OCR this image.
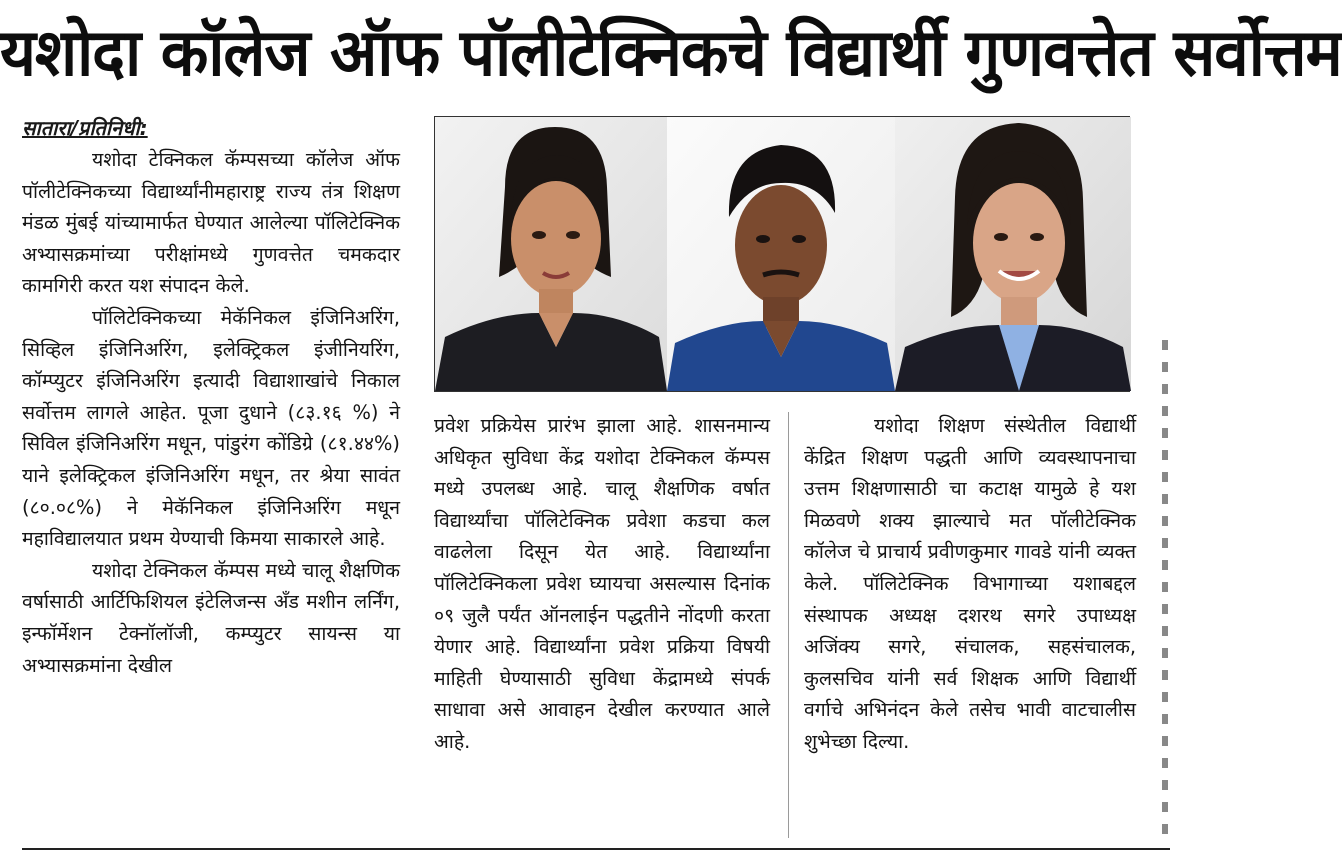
यशोदा कॉलेज ऑफ पॉलीटेक्निकचे विद्यार्थी गुणवत्तेत सर्वोत्तम
सातारा/प्रतिनिधी:

यशोदा टेक्निकल कॅम्पसच्या कॉलेज ऑफ पॉलीटेक्निकच्या विद्यार्थ्यांनीमहाराष्ट्र राज्य तंत्र शिक्षण मंडळ मुंबई यांच्यामार्फत घेण्यात आलेल्या पॉलिटेक्निक अभ्यासक्रमांच्या परीक्षांमध्ये गुणवत्तेत चमकदार कामगिरी करत यश संपादन केले.

पॉलिटेक्निकच्या मेकॅनिकल इंजिनिअरिंग, सिव्हिल इंजिनिअरिंग, इलेक्ट्रिकल इंजीनियरिंग, कॉम्प्युटर इंजिनिअरिंग इत्यादी विद्याशाखांचे निकाल सर्वोत्तम लागले आहेत. पूजा दुधाने (८३.१६ %) ने सिविल इंजिनिअरिंग मधून, पांडुरंग कोंडिग्रे (८१.४४%) याने इलेक्ट्रिकल इंजिनिअरिंग मधून, तर श्रेया सावंत (८०.०८%) ने मेकॅनिकल इंजिनिअरिंग मधून महाविद्यालयात प्रथम येण्याची किमया साकारले आहे.

यशोदा टेक्निकल कॅम्पस मध्ये चालू शैक्षणिक वर्षासाठी आर्टिफिशियल इंटेलिजन्स अँड मशीन लर्निंग, इन्फॉर्मेशन टेक्नॉलॉजी, कम्प्युटर सायन्स या अभ्यासक्रमांना देखील

प्रवेश प्रक्रियेस प्रारंभ झाला आहे. शासनमान्य अधिकृत सुविधा केंद्र यशोदा टेक्निकल कॅम्पस मध्ये उपलब्ध आहे. चालू शैक्षणिक वर्षात विद्यार्थ्यांचा पॉलिटेक्निक प्रवेशा कडचा कल वाढलेला दिसून येत आहे. विद्यार्थ्यांना पॉलिटेक्निकला प्रवेश घ्यायचा असल्यास दिनांक ०९ जुलै पर्यंत ऑनलाईन पद्धतीने नोंदणी करता येणार आहे. विद्यार्थ्यांना प्रवेश प्रक्रिया विषयी माहिती घेण्यासाठी सुविधा केंद्रामध्ये संपर्क साधावा असे आवाहन देखील करण्यात आले आहे.

यशोदा शिक्षण संस्थेतील विद्यार्थी केंद्रित शिक्षण पद्धती आणि व्यवस्थापनाचा उत्तम शिक्षणासाठी चा कटाक्ष यामुळे हे यश मिळवणे शक्य झाल्याचे मत पॉलीटेक्निक कॉलेज चे प्राचार्य प्रवीणकुमार गावडे यांनी व्यक्त केले. पॉलिटेक्निक विभागाच्या यशाबद्दल संस्थापक अध्यक्ष दशरथ सगरे उपाध्यक्ष अजिंक्य सगरे, संचालक, सहसंचालक, कुलसचिव यांनी सर्व शिक्षक आणि विद्यार्थी वर्गाचे अभिनंदन केले तसेच भावी वाटचालीस शुभेच्छा दिल्या.
